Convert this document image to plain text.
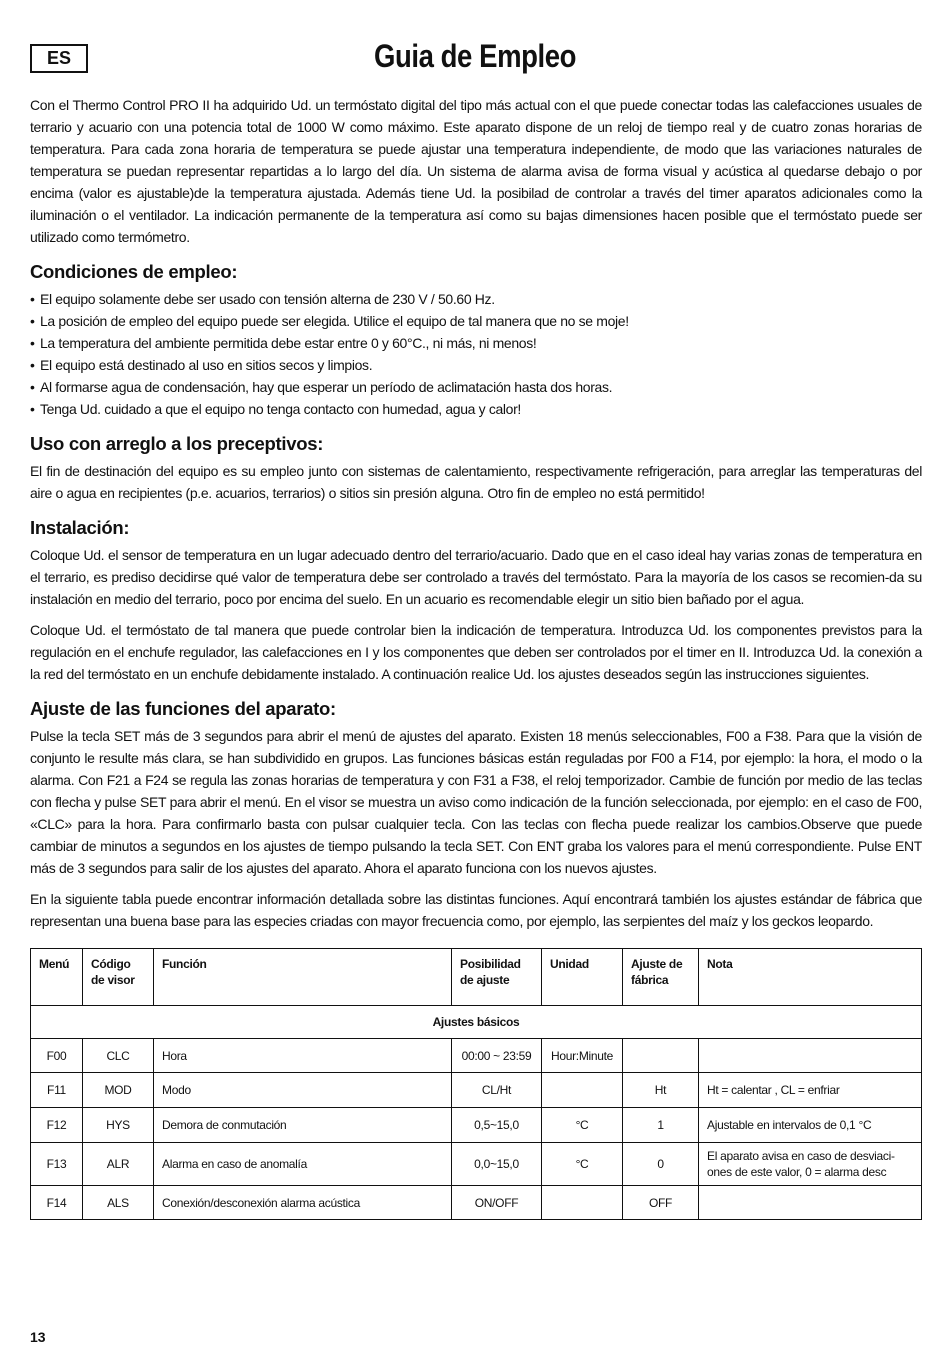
ES	Guia de Empleo

Con el Thermo Control PRO II ha adquirido Ud. un termóstato digital del tipo más actual con el que puede conectar todas las calefacciones usuales de terrario y acuario con una potencia total de 1000 W como máximo. Este aparato dispone de un reloj de tiempo real y de cuatro zonas horarias de temperatura. Para cada zona horaria de temperatura se puede ajustar una temperatura independiente, de modo que las variaciones naturales de temperatura se puedan representar repartidas a lo largo del día. Un sistema de alarma avisa de forma visual y acústica al quedarse debajo o por encima (valor es ajustable)de la temperatura ajustada. Además tiene Ud. la posibilad de controlar a través del timer aparatos adicionales como la iluminación o el ventilador. La indicación permanente de la temperatura así como su bajas dimensiones hacen posible que el termóstato puede ser utilizado como termómetro.

Condiciones de empleo:
• El equipo solamente debe ser usado con tensión alterna de 230 V / 50.60 Hz.
• La posición de empleo del equipo puede ser elegida. Utilice el equipo de tal manera que no se moje!
• La temperatura del ambiente permitida debe estar entre 0 y 60°C., ni más, ni menos!
• El equipo está destinado al uso en sitios secos y limpios.
• Al formarse agua de condensación, hay que esperar un período de aclimatación hasta dos horas.
• Tenga Ud. cuidado a que el equipo no tenga contacto con humedad, agua y calor!
Uso con arreglo a los preceptivos:

El fin de destinación del equipo es su empleo junto con sistemas de calentamiento, respectivamente refrigeración, para arreglar las temperaturas del aire o agua en recipientes (p.e. acuarios, terrarios) o sitios sin presión alguna. Otro fin de empleo no está permitido!

Instalación:

Coloque Ud. el sensor de temperatura en un lugar adecuado dentro del terrario/acuario. Dado que en el caso ideal hay varias zonas de temperatura en el terrario, es prediso decidirse qué valor de temperatura debe ser controlado a través del termóstato. Para la mayoría de los casos se recomien-da su instalación en medio del terrario, poco por encima del suelo. En un acuario es recomendable elegir un sitio bien bañado por el agua.

Coloque Ud. el termóstato de tal manera que puede controlar bien la indicación de temperatura. Introduzca Ud. los componentes previstos para la regulación en el enchufe regulador, las calefacciones en I y los componentes que deben ser controlados por el timer en II. Introduzca Ud. la conexión a la red del termóstato en un enchufe debidamente instalado. A continuación realice Ud. los ajustes deseados según las instrucciones siguientes.

Ajuste de las funciones del aparato:

Pulse la tecla SET más de 3 segundos para abrir el menú de ajustes del aparato. Existen 18 menús seleccionables, F00 a F38. Para que la visión de conjunto le resulte más clara, se han subdividido en grupos. Las funciones básicas están reguladas por F00 a F14, por ejemplo: la hora, el modo o la alarma. Con F21 a F24 se regula las zonas horarias de temperatura y con F31 a F38, el reloj temporizador. Cambie de función por medio de las teclas con flecha y pulse SET para abrir el menú. En el visor se muestra un aviso como indicación de la función seleccionada, por ejemplo: en el caso de F00, «CLC» para la hora. Para confirmarlo basta con pulsar cualquier tecla. Con las teclas con flecha puede realizar los cambios.Observe que puede cambiar de minutos a segundos en los ajustes de tiempo pulsando la tecla SET. Con ENT graba los valores para el menú correspondiente. Pulse ENT más de 3 segundos para salir de los ajustes del aparato. Ahora el aparato funciona con los nuevos ajustes.

En la siguiente tabla puede encontrar información detallada sobre las distintas funciones. Aquí encontrará también los ajustes estándar de fábrica que representan una buena base para las especies criadas con mayor frecuencia como, por ejemplo, las serpientes del maíz y los geckos leopardo.

Menú	Código de visor	Función	Posibilidad de ajuste	Unidad	Ajuste de fábrica	Nota
Ajustes básicos						
F00	CLC	Hora	00:00 ~ 23:59	Hour:Minute		
F11	MOD	Modo	CL/Ht		Ht	Ht = calentar , CL = enfriar
F12	HYS	Demora de conmutación	0,5~15,0	°C	1	Ajustable en intervalos de 0,1 °C
F13	ALR	Alarma en caso de anomalía	0,0~15,0	°C	0	El aparato avisa en caso de desviaci-ones de este valor, 0 = alarma desc
F14	ALS	Conexión/desconexión alarma acústica	ON/OFF		OFF	
13
